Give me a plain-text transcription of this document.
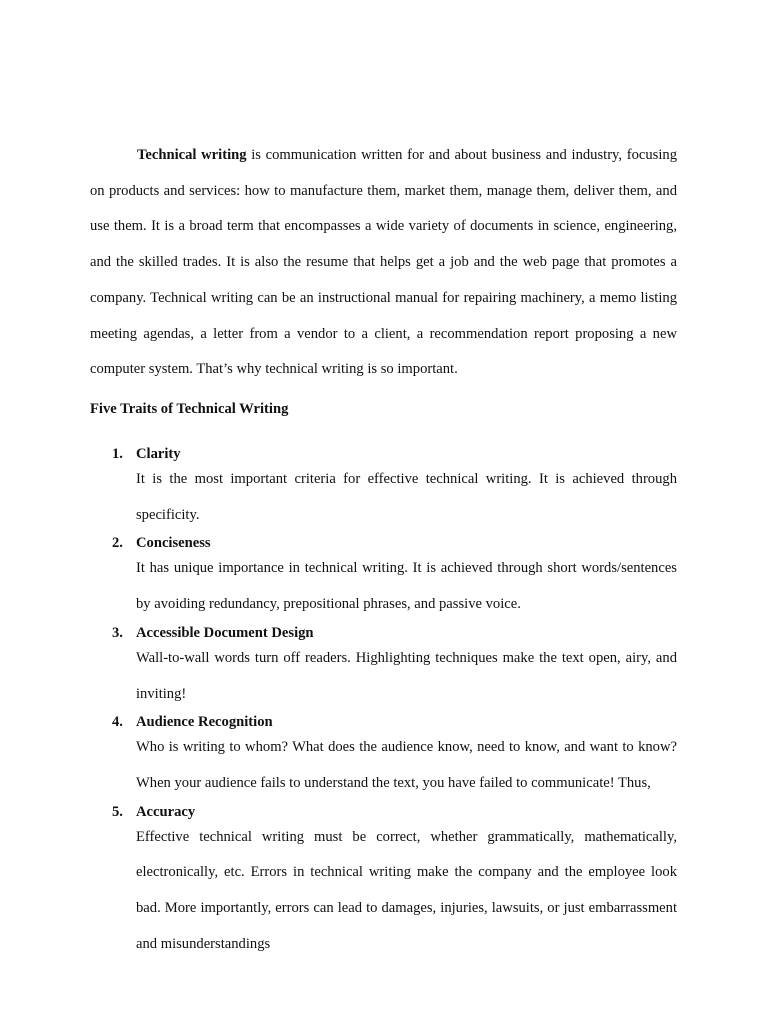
Technical writing is communication written for and about business and industry, focusing on products and services: how to manufacture them, market them, manage them, deliver them, and use them. It is a broad term that encompasses a wide variety of documents in science, engineering, and the skilled trades. It is also the resume that helps get a job and the web page that promotes a company. Technical writing can be an instructional manual for repairing machinery, a memo listing meeting agendas, a letter from a vendor to a client, a recommendation report proposing a new computer system. That’s why technical writing is so important.

Five Traits of Technical Writing
1. Clarity
It is the most important criteria for effective technical writing. It is achieved through specificity.
2. Conciseness
It has unique importance in technical writing. It is achieved through short words/sentences by avoiding redundancy, prepositional phrases, and passive voice.
3. Accessible Document Design
Wall-to-wall words turn off readers. Highlighting techniques make the text open, airy, and inviting!
4. Audience Recognition
Who is writing to whom? What does the audience know, need to know, and want to know? When your audience fails to understand the text, you have failed to communicate! Thus,
5. Accuracy
Effective technical writing must be correct, whether grammatically, mathematically, electronically, etc. Errors in technical writing make the company and the employee look bad. More importantly, errors can lead to damages, injuries, lawsuits, or just embarrassment and misunderstandings
